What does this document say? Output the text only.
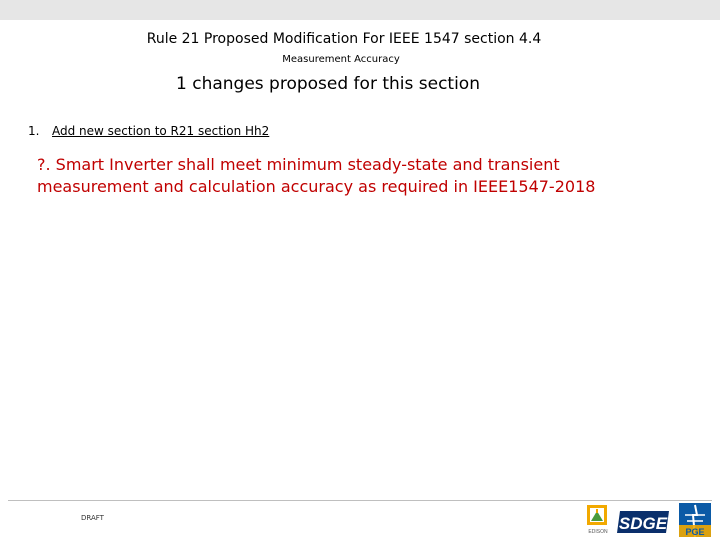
Rule 21 Proposed Modification For IEEE 1547 section 4.4
Measurement Accuracy
1 changes proposed for this section
1. Add new section to R21 section Hh2
?. Smart Inverter shall meet minimum steady-state and transient measurement and calculation accuracy as required in IEEE1547-2018
DRAFT
EDISON SDGE PGE
